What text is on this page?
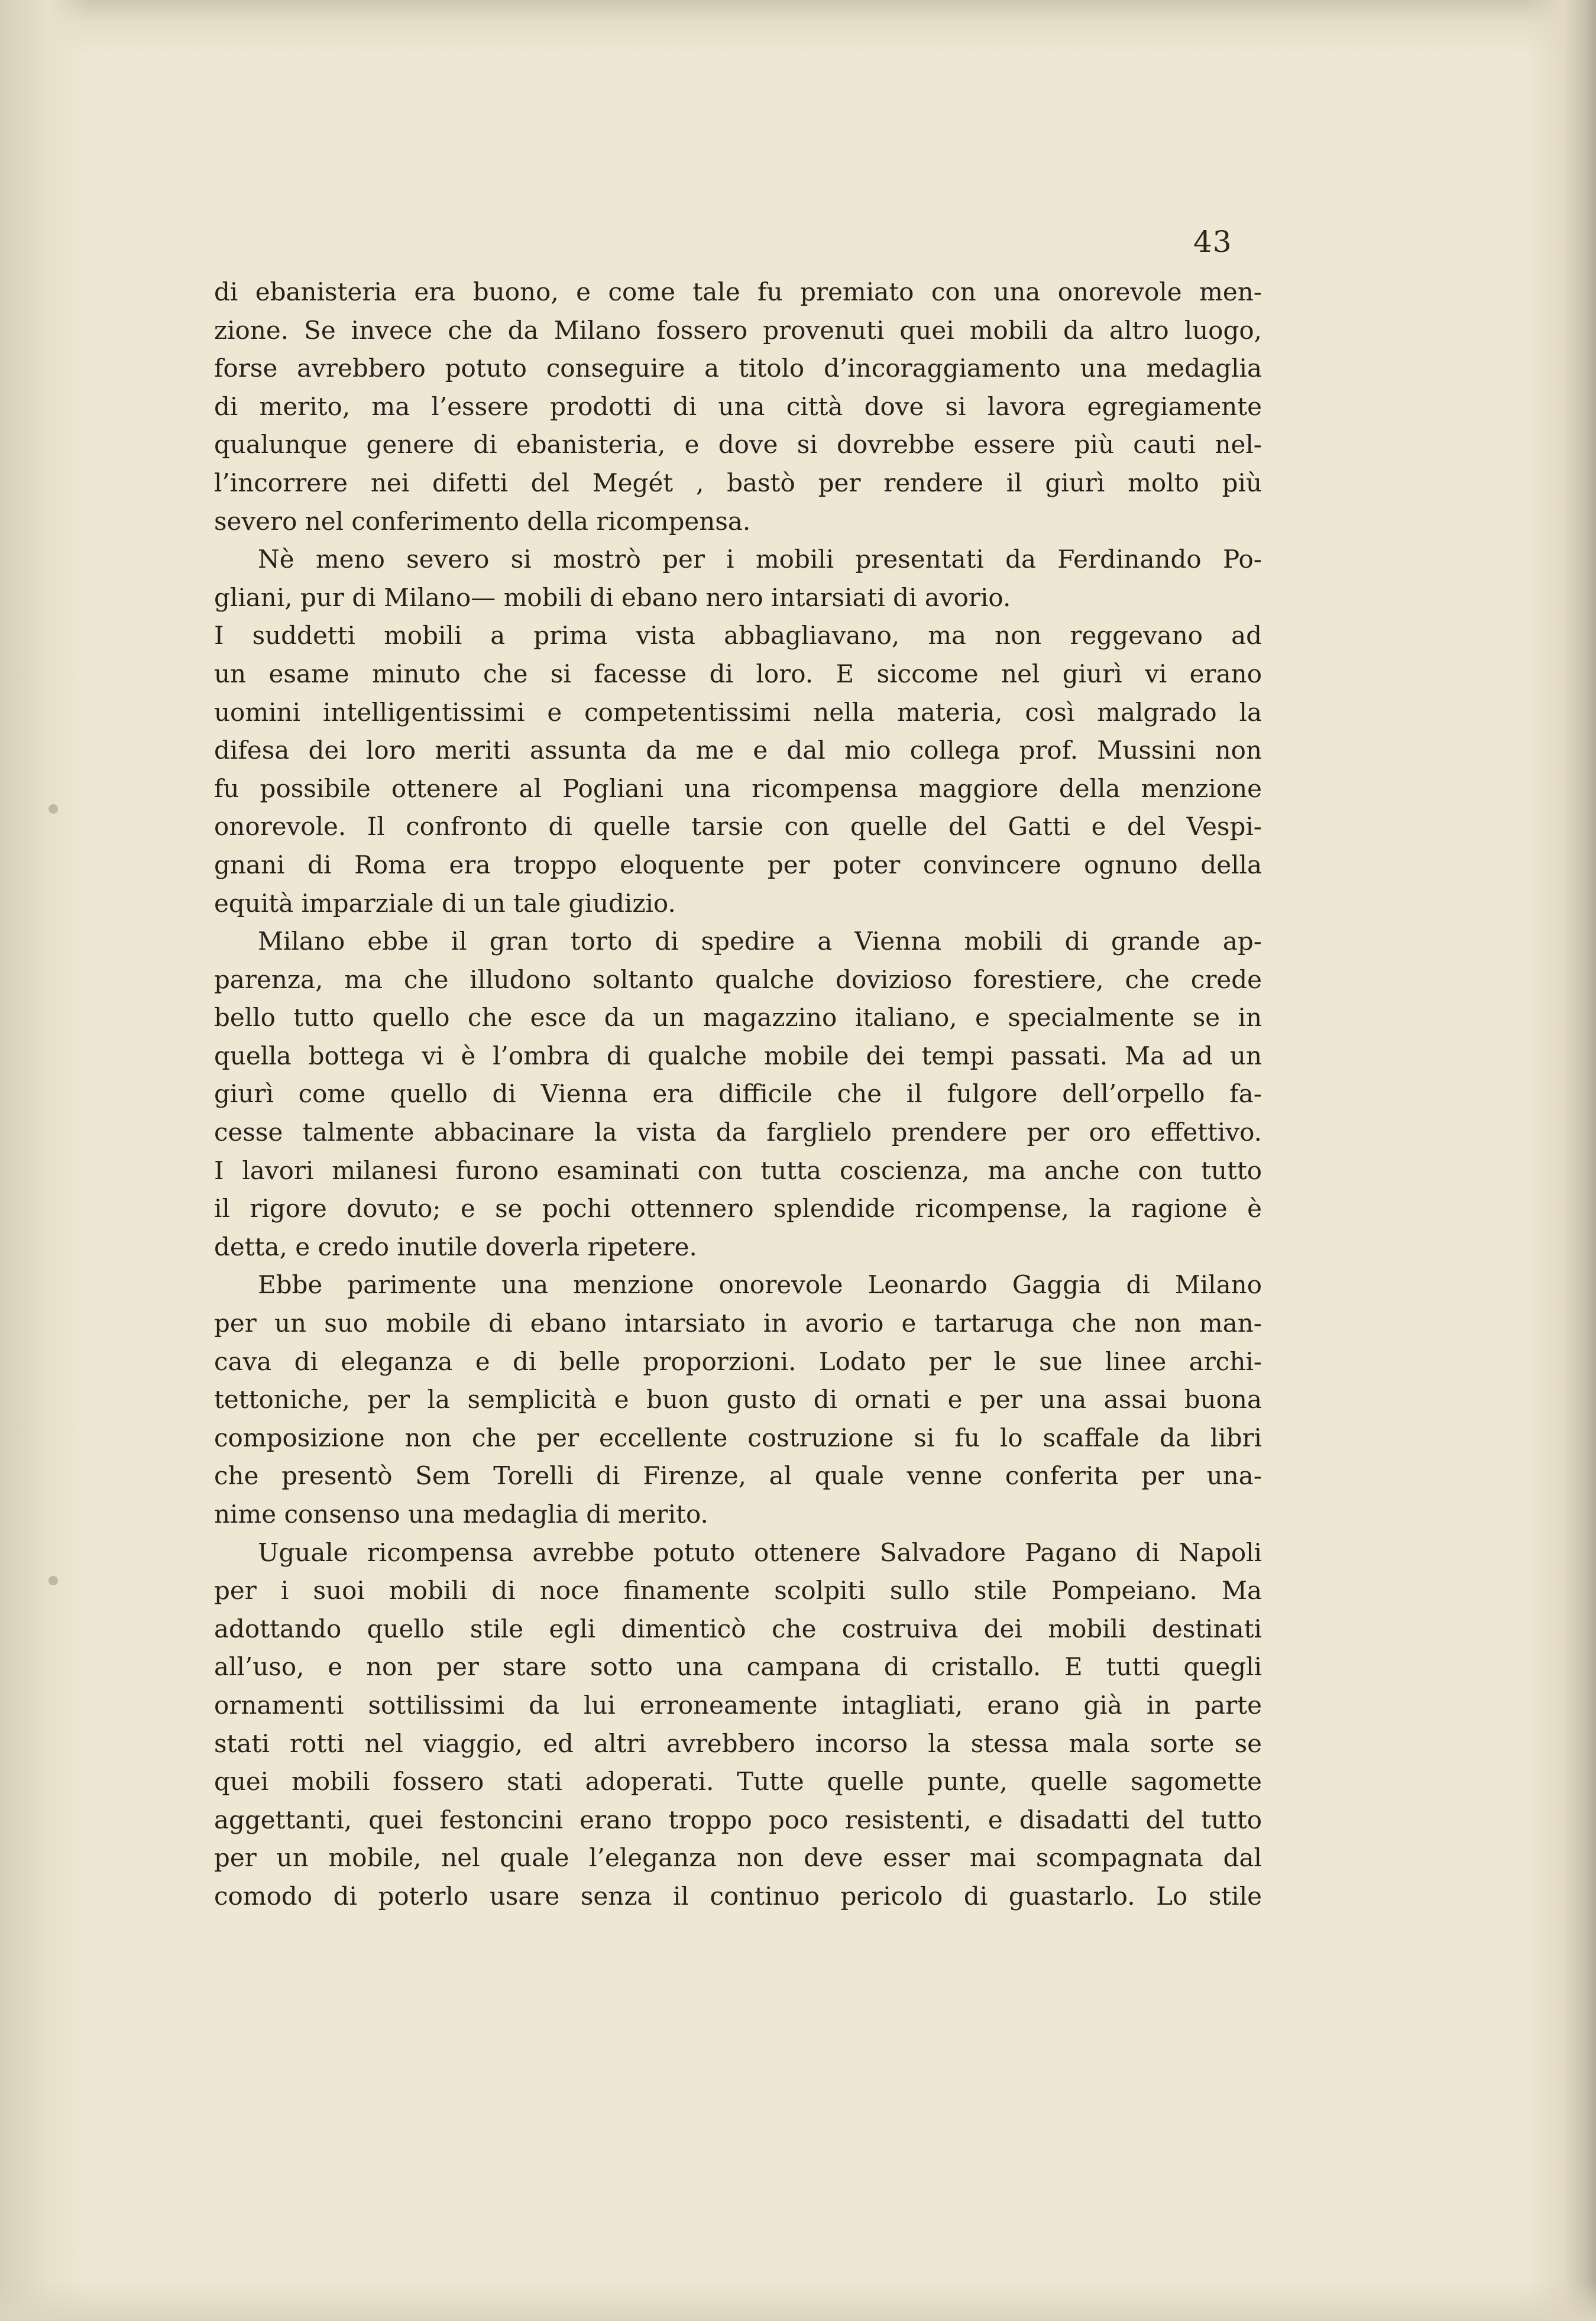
43
di ebanisteria era buono, e come tale fu premiato con una onorevole men-
zione. Se invece che da Milano fossero provenuti quei mobili da altro luogo,
forse avrebbero potuto conseguire a titolo d’incoraggiamento una medaglia
di merito, ma l’essere prodotti di una città dove si lavora egregiamente
qualunque genere di ebanisteria, e dove si dovrebbe essere più cauti nel-
l’incorrere nei difetti del Megét , bastò per rendere il giurì molto più
severo nel conferimento della ricompensa.
Nè meno severo si mostrò per i mobili presentati da Ferdinando Po-
gliani, pur di Milano— mobili di ebano nero intarsiati di avorio.
I suddetti mobili a prima vista abbagliavano, ma non reggevano ad
un esame minuto che si facesse di loro. E siccome nel giurì vi erano
uomini intelligentissimi e competentissimi nella materia, così malgrado la
difesa dei loro meriti assunta da me e dal mio collega prof. Mussini non
fu possibile ottenere al Pogliani una ricompensa maggiore della menzione
onorevole. Il confronto di quelle tarsie con quelle del Gatti e del Vespi-
gnani di Roma era troppo eloquente per poter convincere ognuno della
equità imparziale di un tale giudizio.
Milano ebbe il gran torto di spedire a Vienna mobili di grande ap-
parenza, ma che illudono soltanto qualche dovizioso forestiere, che crede
bello tutto quello che esce da un magazzino italiano, e specialmente se in
quella bottega vi è l’ombra di qualche mobile dei tempi passati. Ma ad un
giurì come quello di Vienna era difficile che il fulgore dell’orpello fa-
cesse talmente abbacinare la vista da farglielo prendere per oro effettivo.
I lavori milanesi furono esaminati con tutta coscienza, ma anche con tutto
il rigore dovuto; e se pochi ottennero splendide ricompense, la ragione è
detta, e credo inutile doverla ripetere.
Ebbe parimente una menzione onorevole Leonardo Gaggia di Milano
per un suo mobile di ebano intarsiato in avorio e tartaruga che non man-
cava di eleganza e di belle proporzioni. Lodato per le sue linee archi-
tettoniche, per la semplicità e buon gusto di ornati e per una assai buona
composizione non che per eccellente costruzione si fu lo scaffale da libri
che presentò Sem Torelli di Firenze, al quale venne conferita per una-
nime consenso una medaglia di merito.
Uguale ricompensa avrebbe potuto ottenere Salvadore Pagano di Napoli
per i suoi mobili di noce finamente scolpiti sullo stile Pompeiano. Ma
adottando quello stile egli dimenticò che costruiva dei mobili destinati
all’uso, e non per stare sotto una campana di cristallo. E tutti quegli
ornamenti sottilissimi da lui erroneamente intagliati, erano già in parte
stati rotti nel viaggio, ed altri avrebbero incorso la stessa mala sorte se
quei mobili fossero stati adoperati. Tutte quelle punte, quelle sagomette
aggettanti, quei festoncini erano troppo poco resistenti, e disadatti del tutto
per un mobile, nel quale l’eleganza non deve esser mai scompagnata dal
comodo di poterlo usare senza il continuo pericolo di guastarlo. Lo stile
